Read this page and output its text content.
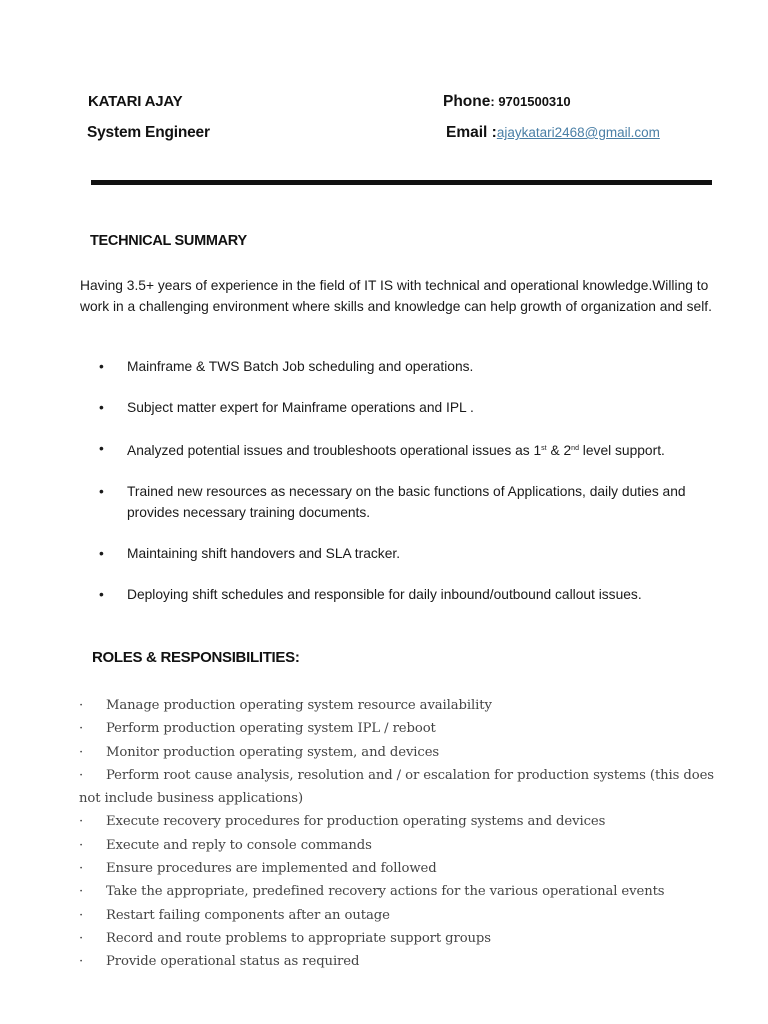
KATARI AJAY
System Engineer
Phone: 9701500310
Email :ajaykatari2468@gmail.com
TECHNICAL SUMMARY
Having 3.5+ years of experience in the field of IT IS with technical and operational knowledge.Willing to work in a challenging environment where skills and knowledge can help growth of organization and self.
• Mainframe & TWS Batch Job scheduling and operations.
• Subject matter expert for Mainframe operations and IPL .
• Analyzed potential issues and troubleshoots operational issues as 1st & 2nd level support.
• Trained new resources as necessary on the basic functions of Applications, daily duties and provides necessary training documents.
• Maintaining shift handovers and SLA tracker.
• Deploying shift schedules and responsible for daily inbound/outbound callout issues.
ROLES & RESPONSIBILITIES:
· Manage production operating system resource availability
· Perform production operating system IPL / reboot
· Monitor production operating system, and devices
· Perform root cause analysis, resolution and / or escalation for production systems (this does not include business applications)
· Execute recovery procedures for production operating systems and devices
· Execute and reply to console commands
· Ensure procedures are implemented and followed
· Take the appropriate, predefined recovery actions for the various operational events
· Restart failing components after an outage
· Record and route problems to appropriate support groups
· Provide operational status as required
